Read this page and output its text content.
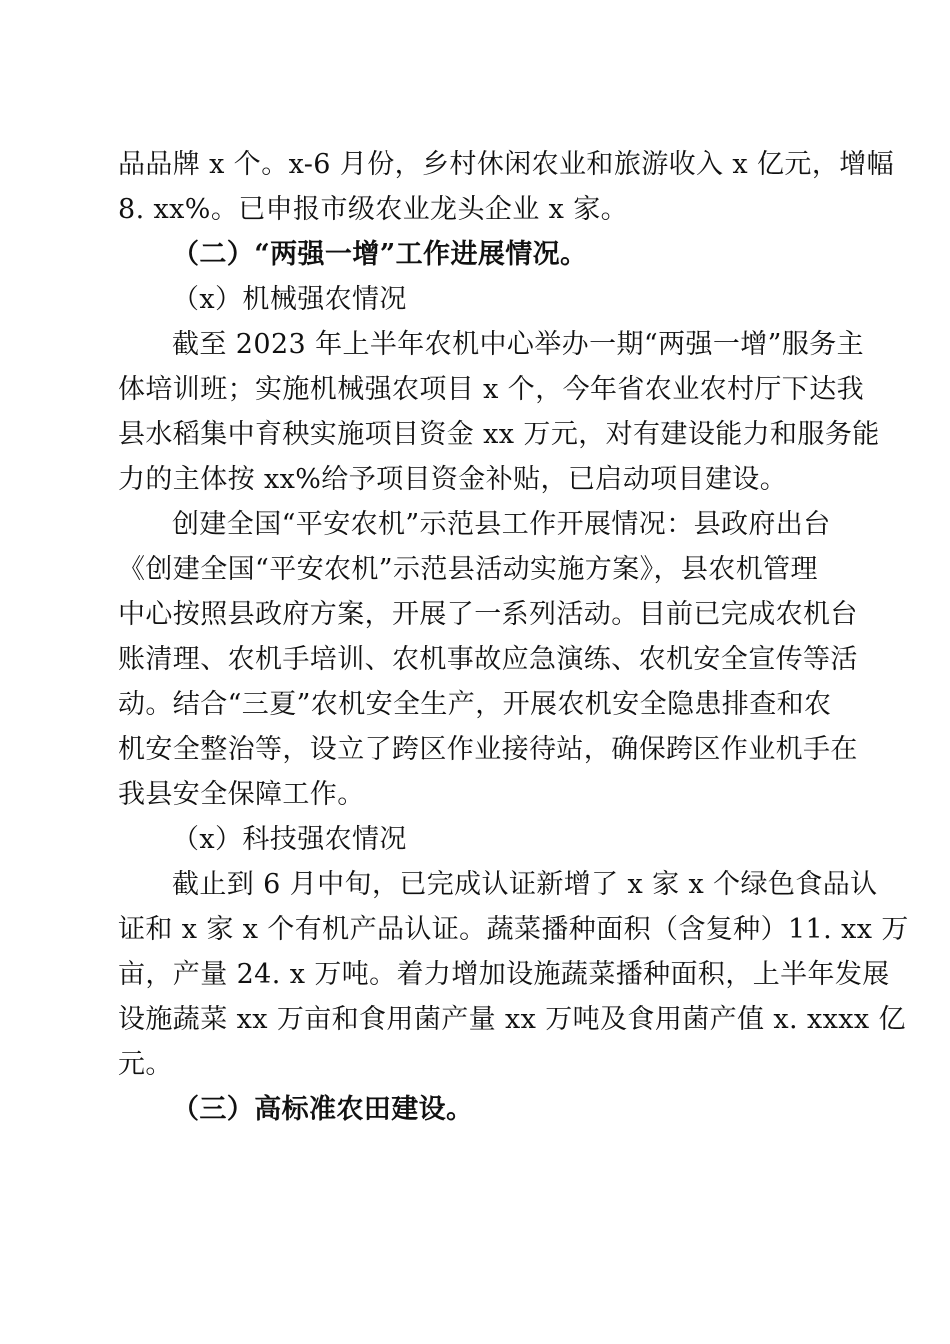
品品牌 x 个。x-6 月份，乡村休闲农业和旅游收入 x 亿元，增幅
8. xx%。已申报市级农业龙头企业 x 家。
（二）“两强一增”工作进展情况。
（x）机械强农情况
截至 2023 年上半年农机中心举办一期“两强一增”服务主
体培训班；实施机械强农项目 x 个，今年省农业农村厅下达我
县水稻集中育秧实施项目资金 xx 万元，对有建设能力和服务能
力的主体按 xx%给予项目资金补贴，已启动项目建设。
创建全国“平安农机”示范县工作开展情况：县政府出台
《创建全国“平安农机”示范县活动实施方案》，县农机管理
中心按照县政府方案，开展了一系列活动。目前已完成农机台
账清理、农机手培训、农机事故应急演练、农机安全宣传等活
动。结合“三夏”农机安全生产，开展农机安全隐患排查和农
机安全整治等，设立了跨区作业接待站，确保跨区作业机手在
我县安全保障工作。
（x）科技强农情况
截止到 6 月中旬，已完成认证新增了 x 家 x 个绿色食品认
证和 x 家 x 个有机产品认证。蔬菜播种面积（含复种）11. xx 万
亩，产量 24. x 万吨。着力增加设施蔬菜播种面积，上半年发展
设施蔬菜 xx 万亩和食用菌产量 xx 万吨及食用菌产值 x. xxxx 亿
元。
（三）高标准农田建设。
